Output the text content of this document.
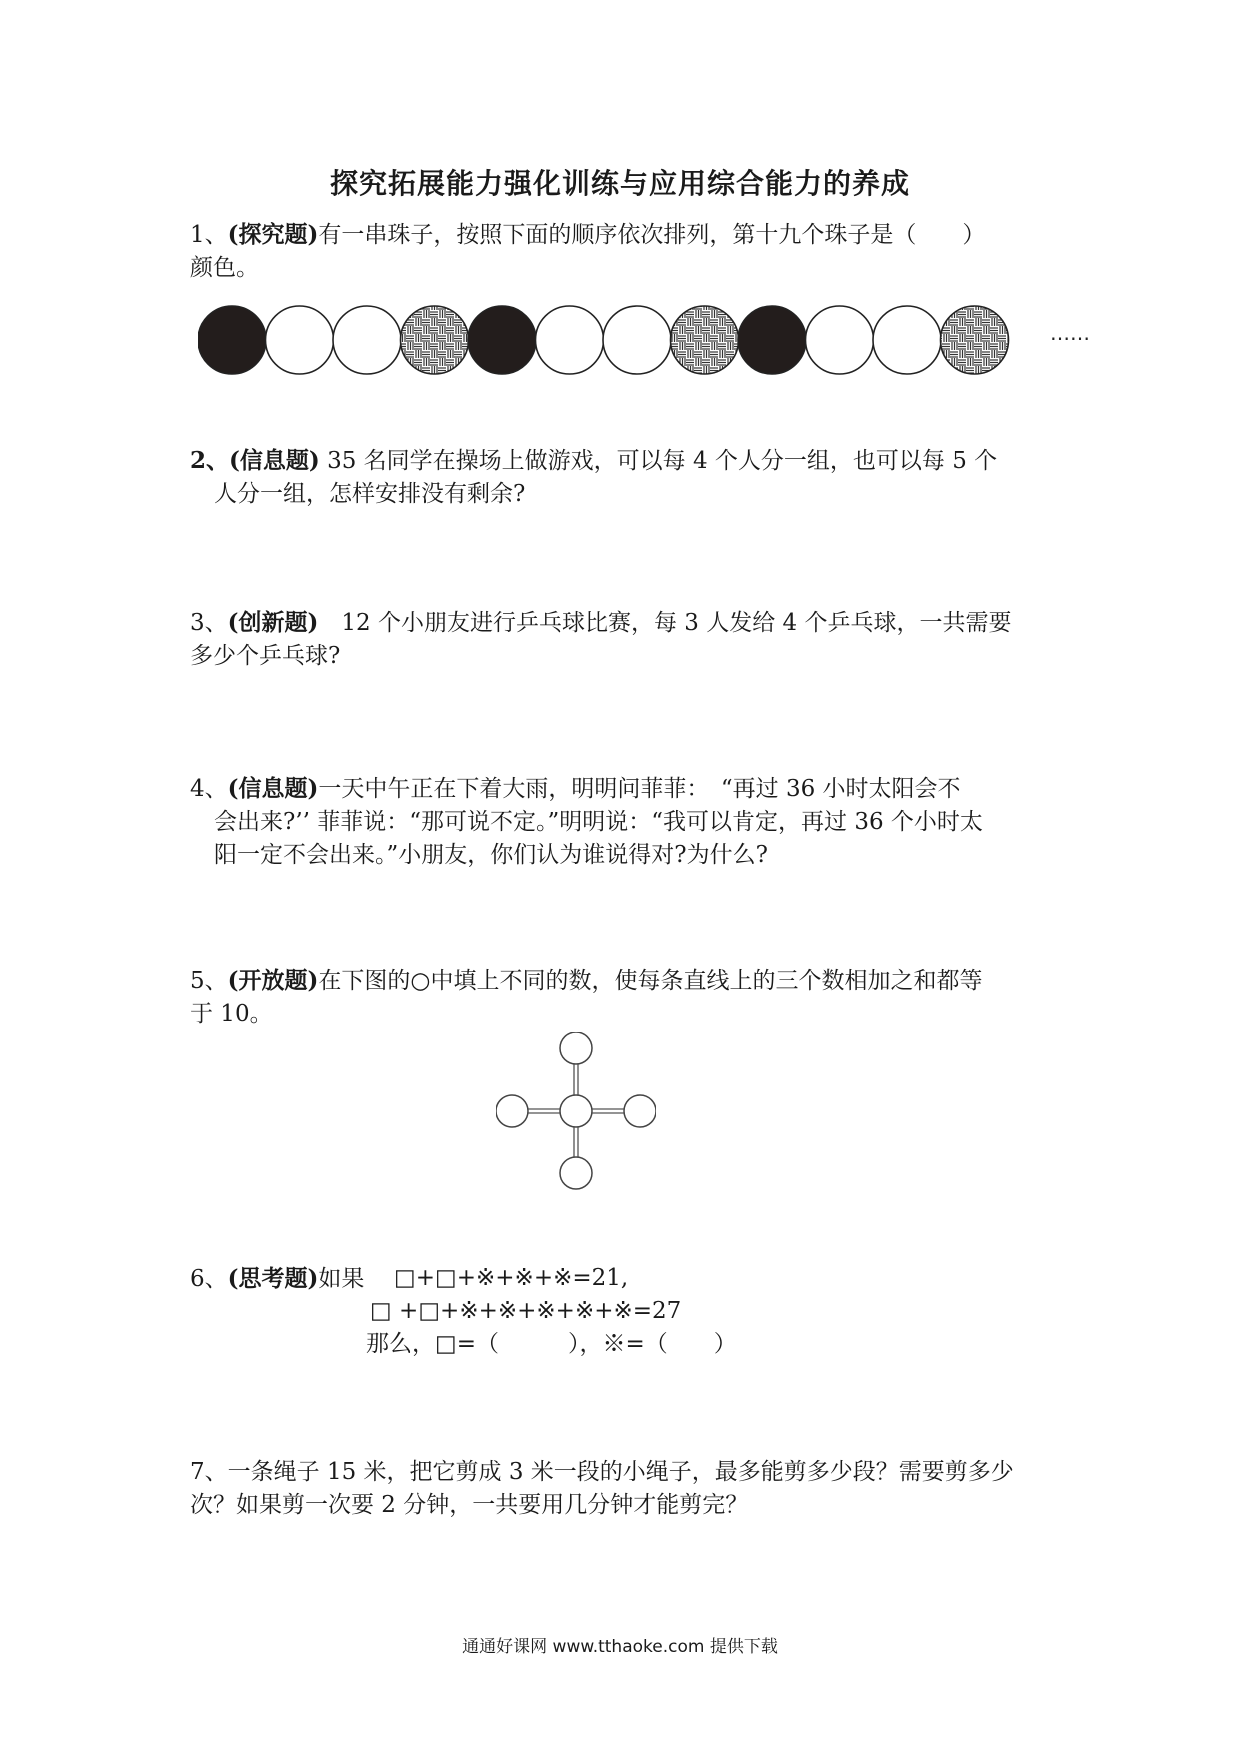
探究拓展能力强化训练与应用综合能力的养成
1、(探究题)有一串珠子，按照下面的顺序依次排列，第十九个珠子是（　　）
颜色。
……
2、(信息题) 35 名同学在操场上做游戏，可以每 4 个人分一组，也可以每 5 个
人分一组，怎样安排没有剩余?
3、(创新题)　12 个小朋友进行乒乓球比赛，每 3 人发给 4 个乒乓球，一共需要
多少个乒乓球?
4、(信息题)一天中午正在下着大雨，明明问菲菲：　“再过 36 小时太阳会不
会出来?’’ 菲菲说：“那可说不定。”明明说：“我可以肯定，再过 36 个小时太
阳一定不会出来。”小朋友，你们认为谁说得对?为什么?
5、(开放题)在下图的○中填上不同的数，使每条直线上的三个数相加之和都等
于 10。
6、(思考题)如果 □+□+※+※+※=21,
□ +□+※+※+※+※+※=27
那么，□=（　　　），※=（　　）
7、一条绳子 15 米，把它剪成 3 米一段的小绳子，最多能剪多少段？需要剪多少
次？如果剪一次要 2 分钟，一共要用几分钟才能剪完？
通通好课网 www.tthaoke.com 提供下载
